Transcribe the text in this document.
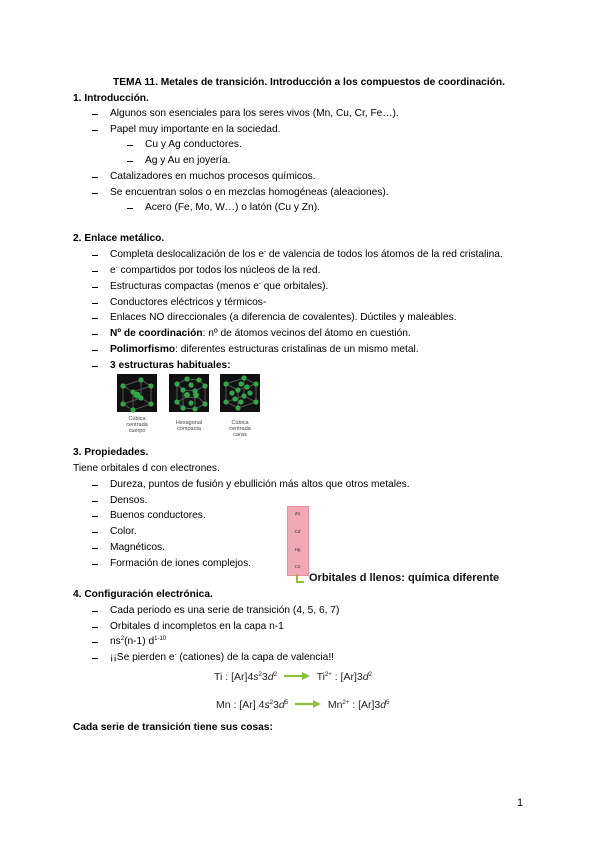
TEMA 11. Metales de transición. Introducción a los compuestos de coordinación.
1. Introducción.
Algunos son esenciales para los seres vivos (Mn, Cu, Cr, Fe…).
Papel muy importante en la sociedad.
Cu y Ag conductores.
Ag y Au en joyería.
Catalizadores en muchos procesos químicos.
Se encuentran solos o en mezclas homogéneas (aleaciones).
Acero (Fe, Mo, W…) o latón (Cu y Zn).
2. Enlace metálico.
Completa deslocalización de los e- de valencia de todos los átomos de la red cristalina.
e- compartidos por todos los núcleos de la red.
Estructuras compactas (menos e- que orbitales).
Conductores eléctricos y térmicos-
Enlaces NO direccionales (a diferencia de covalentes). Dúctiles y maleables.
Nº de coordinación: nº de átomos vecinos del átomo en cuestión.
Polimorfismo: diferentes estructuras cristalinas de un mismo metal.
3 estructuras habituales:
Cúbica
centrada
cuerpo
Hexagonal
compacta
Cúbica
centrada
caras
3. Propiedades.
Tiene orbitales d con electrones.
Dureza, puntos de fusión y ebullición más altos que otros metales.
Densos.
Buenos conductores.
Color.
Magnéticos.
Formación de iones complejos.
Zn
Cd
Hg
Cn
Orbitales d llenos: química diferente
4. Configuración electrónica.
Cada periodo es una serie de transición (4, 5, 6, 7)
Orbitales d incompletos en la capa n-1
$ns^2(n-1)$ $d^{1-10}$
¡¡Se pierden e- (cationes) de la capa de valencia!!
Ti : $[Ar]4s^23d^2$	$Ti^{2+}$ : $[Ar]3d^2$
Mn : [Ar] $4s^23d^5$	$Mn^{2+}$ : $[Ar]3d^5$
Cada serie de transición tiene sus cosas:
1
